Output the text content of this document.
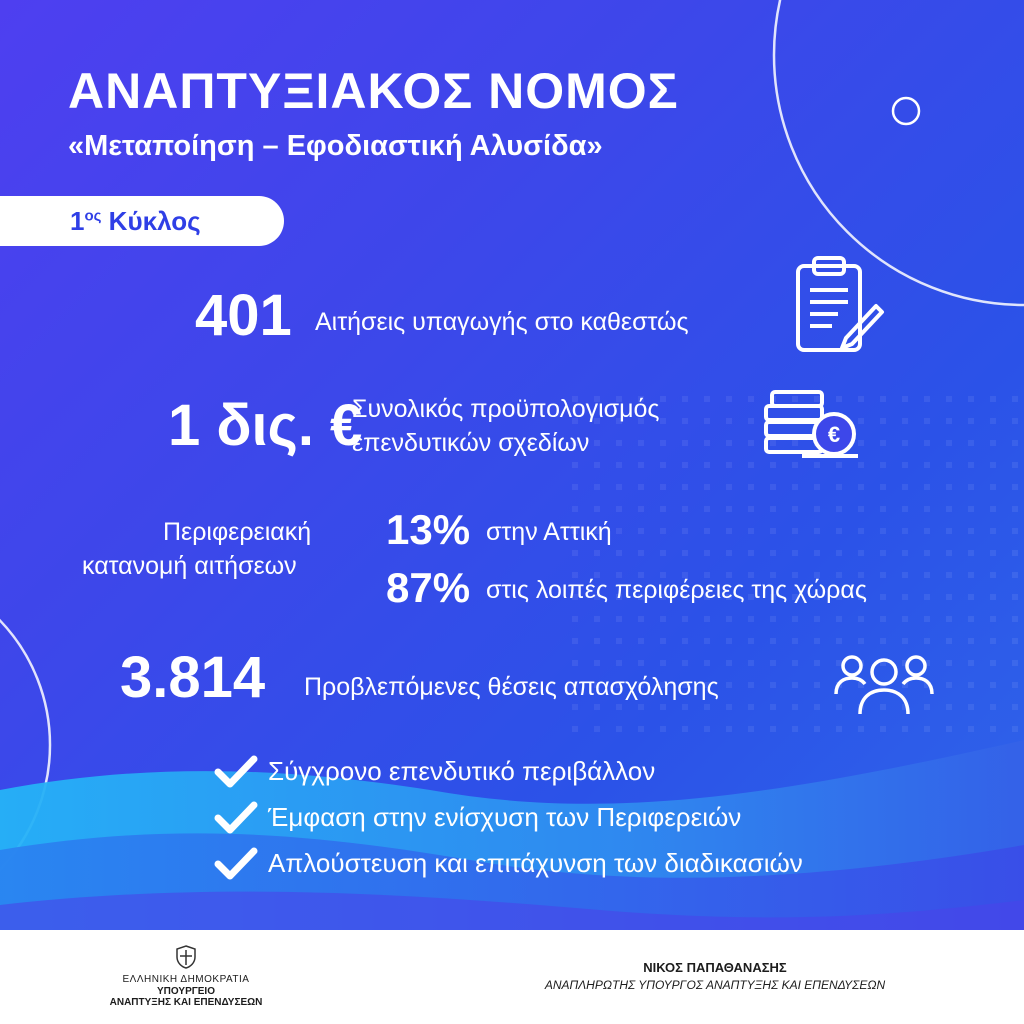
ΑΝΑΠΤΥΞΙΑΚΟΣ ΝΟΜΟΣ
«Μεταποίηση – Εφοδιαστική Αλυσίδα»
$1^{o\varsigma}$ Κύκλος
401 Αιτήσεις υπαγωγής στο καθεστώς
1 δις. €
Συνολικός προϋπολογισμός
επενδυτικών σχεδίων	€
Περιφερειακή
κατανομή αιτήσεων
13% στην Αττική
87% στις λοιπές περιφέρειες της χώρας
3.814 Προβλεπόμενες θέσεις απασχόλησης
Σύγχρονο επενδυτικό περιβάλλον
Έμφαση στην ενίσχυση των Περιφερειών
Απλούστευση και επιτάχυνση των διαδικασιών
ΕΛΛΗΝΙΚΗ ΔΗΜΟΚΡΑΤΙΑ
ΥΠΟΥΡΓΕΙΟ
ΑΝΑΠΤΥΞΗΣ ΚΑΙ ΕΠΕΝΔΥΣΕΩΝ
ΝΙΚΟΣ ΠΑΠΑΘΑΝΑΣΗΣ
ΑΝΑΠΛΗΡΩΤΗΣ ΥΠΟΥΡΓΟΣ ΑΝΑΠΤΥΞΗΣ ΚΑΙ ΕΠΕΝΔΥΣΕΩΝ
